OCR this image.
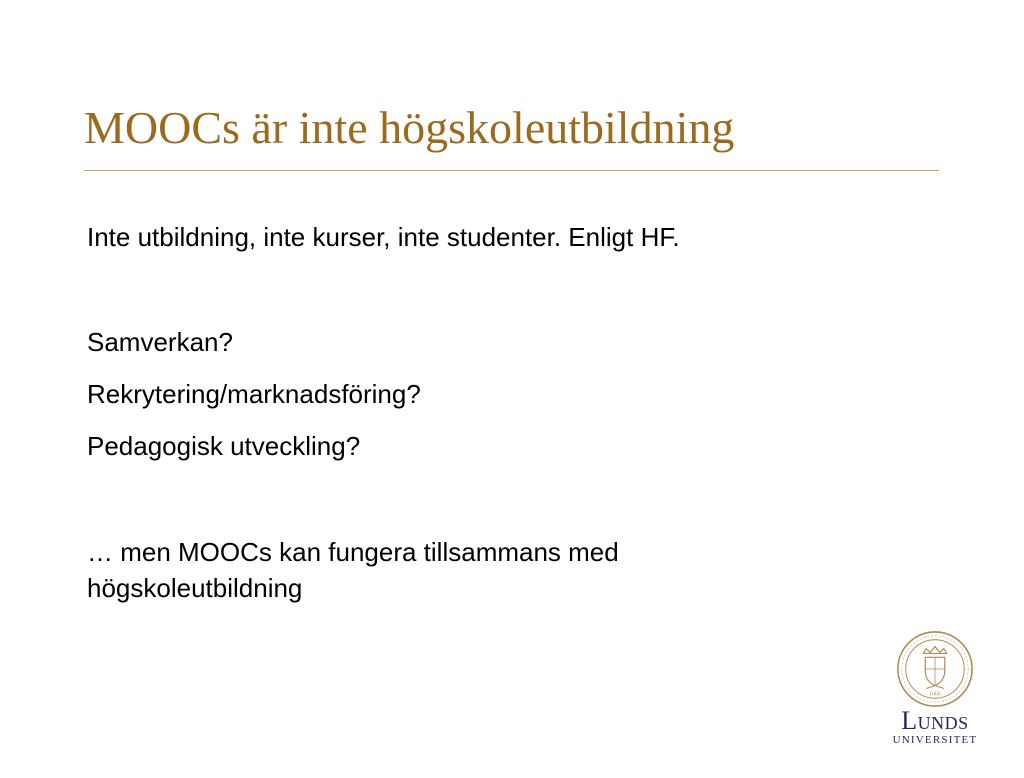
MOOCs är inte högskoleutbildning
Inte utbildning, inte kurser, inte studenter. Enligt HF.
Samverkan?
Rekrytering/marknadsföring?
Pedagogisk utveckling?
… men MOOCs kan fungera tillsammans med högskoleutbildning
1666
Lunds
UNIVERSITET
